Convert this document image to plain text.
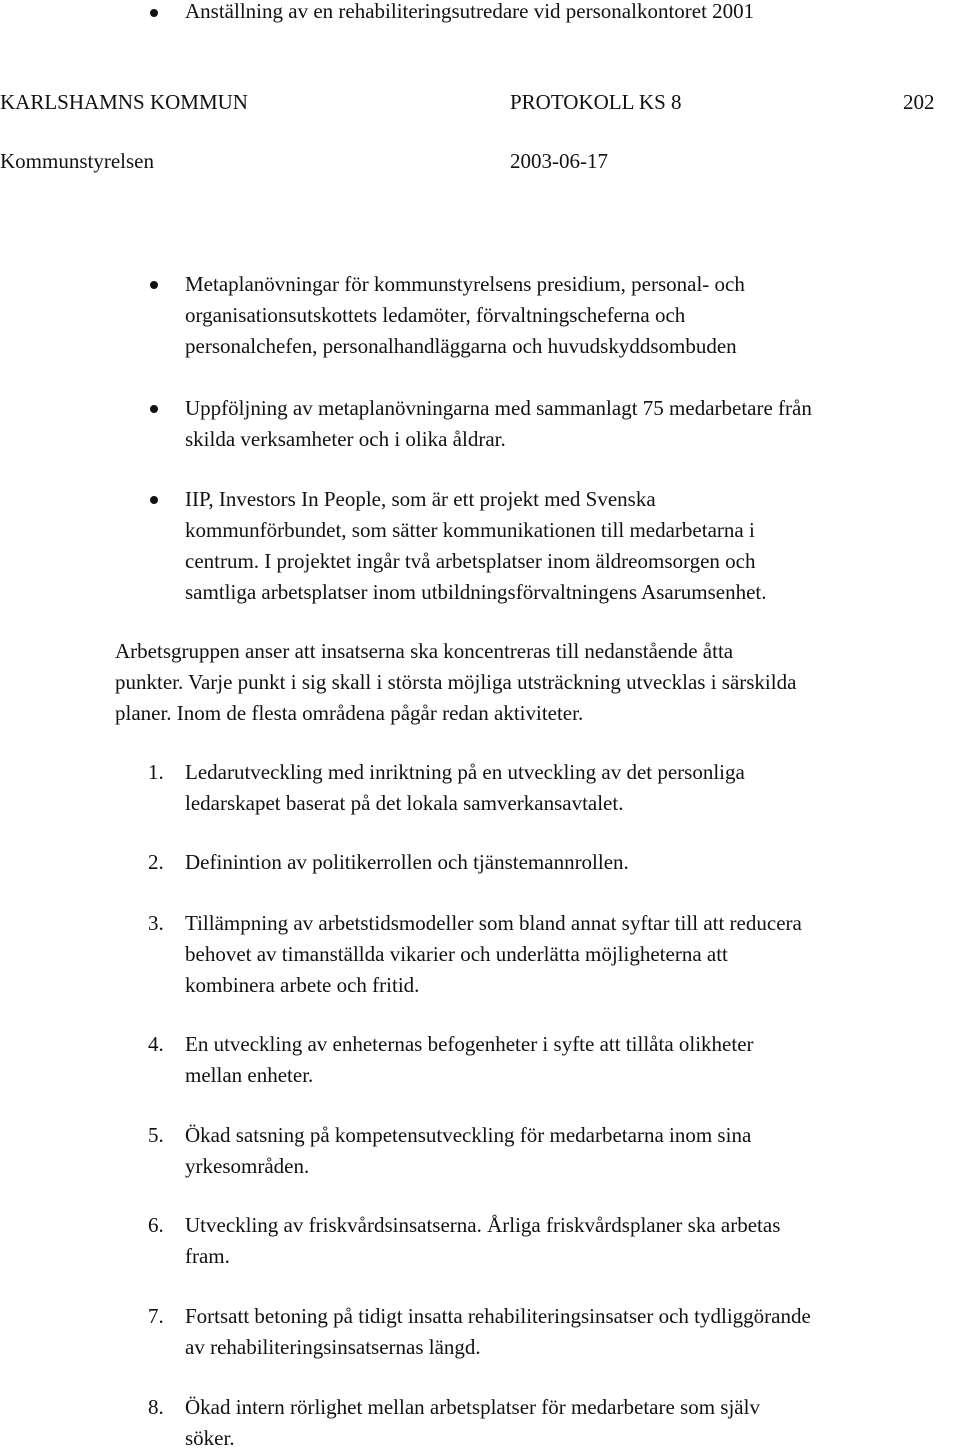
Anställning av en rehabiliteringsutredare vid personalkontoret 2001
KARLSHAMNS KOMMUN	PROTOKOLL KS 8	202
Kommunstyrelsen	2003-06-17
Metaplanövningar för kommunstyrelsens presidium, personal- och
organisationsutskottets ledamöter, förvaltningscheferna och
personalchefen, personalhandläggarna och huvudskyddsombuden
Uppföljning av metaplanövningarna med sammanlagt 75 medarbetare från
skilda verksamheter och i olika åldrar.
IIP, Investors In People, som är ett projekt med Svenska
kommunförbundet, som sätter kommunikationen till medarbetarna i
centrum. I projektet ingår två arbetsplatser inom äldreomsorgen och
samtliga arbetsplatser inom utbildningsförvaltningens Asarumsenhet.
Arbetsgruppen anser att insatserna ska koncentreras till nedanstående åtta
punkter. Varje punkt i sig skall i största möjliga utsträckning utvecklas i särskilda
planer. Inom de flesta områdena pågår redan aktiviteter.
1.	Ledarutveckling med inriktning på en utveckling av det personliga
ledarskapet baserat på det lokala samverkansavtalet.
2.	Definintion av politikerrollen och tjänstemannrollen.
3.	Tillämpning av arbetstidsmodeller som bland annat syftar till att reducera
behovet av timanställda vikarier och underlätta möjligheterna att
kombinera arbete och fritid.
4.	En utveckling av enheternas befogenheter i syfte att tillåta olikheter
mellan enheter.
5.	Ökad satsning på kompetensutveckling för medarbetarna inom sina
yrkesområden.
6.	Utveckling av friskvårdsinsatserna. Årliga friskvårdsplaner ska arbetas
fram.
7.	Fortsatt betoning på tidigt insatta rehabiliteringsinsatser och tydliggörande
av rehabiliteringsinsatsernas längd.
8.	Ökad intern rörlighet mellan arbetsplatser för medarbetare som själv
söker.
